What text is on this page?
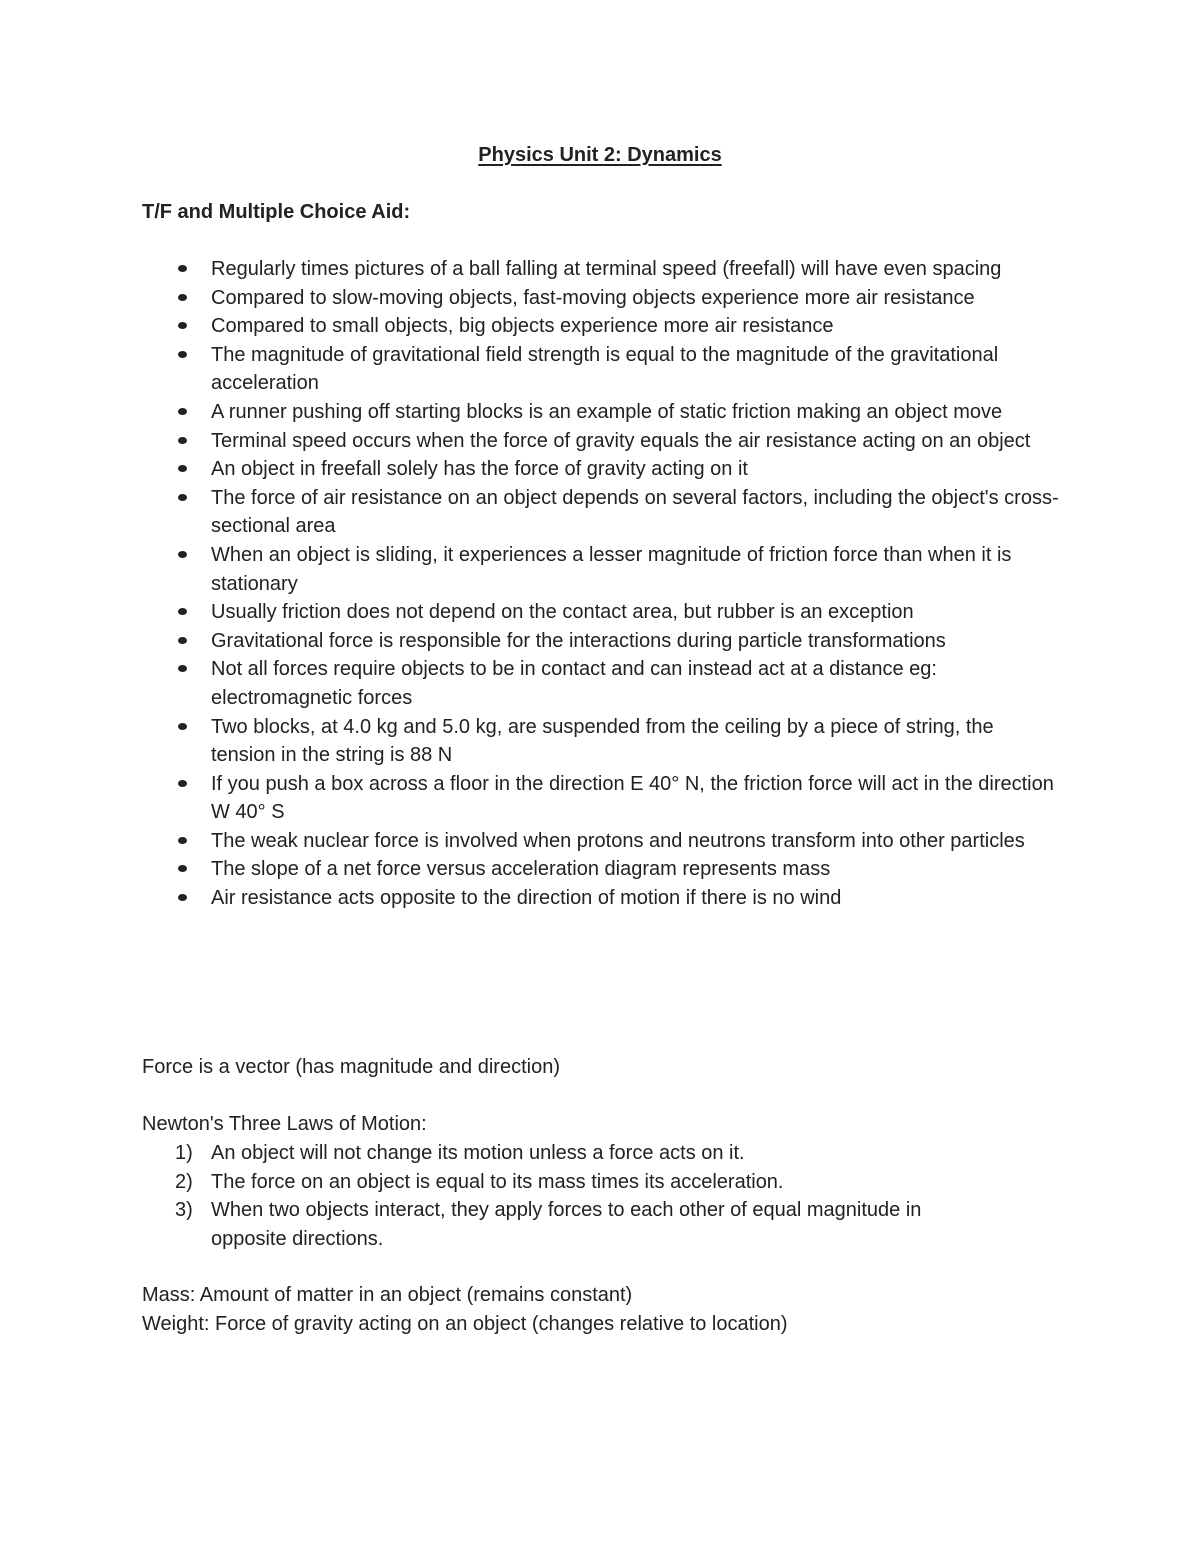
Physics Unit 2: Dynamics
T/F and Multiple Choice Aid:
Regularly times pictures of a ball falling at terminal speed (freefall) will have even spacing
Compared to slow-moving objects, fast-moving objects experience more air resistance
Compared to small objects, big objects experience more air resistance
The magnitude of gravitational field strength is equal to the magnitude of the gravitational acceleration
A runner pushing off starting blocks is an example of static friction making an object move
Terminal speed occurs when the force of gravity equals the air resistance acting on an object
An object in freefall solely has the force of gravity acting on it
The force of air resistance on an object depends on several factors, including the object's cross-sectional area
When an object is sliding, it experiences a lesser magnitude of friction force than when it is stationary
Usually friction does not depend on the contact area, but rubber is an exception
Gravitational force is responsible for the interactions during particle transformations
Not all forces require objects to be in contact and can instead act at a distance eg: electromagnetic forces
Two blocks, at 4.0 kg and 5.0 kg, are suspended from the ceiling by a piece of string, the tension in the string is 88 N
If you push a box across a floor in the direction E 40° N, the friction force will act in the direction W 40° S
The weak nuclear force is involved when protons and neutrons transform into other particles
The slope of a net force versus acceleration diagram represents mass
Air resistance acts opposite to the direction of motion if there is no wind
Force is a vector (has magnitude and direction)
Newton's Three Laws of Motion:
1) An object will not change its motion unless a force acts on it.
2) The force on an object is equal to its mass times its acceleration.
3) When two objects interact, they apply forces to each other of equal magnitude in opposite directions.
Mass: Amount of matter in an object (remains constant)
Weight: Force of gravity acting on an object (changes relative to location)
